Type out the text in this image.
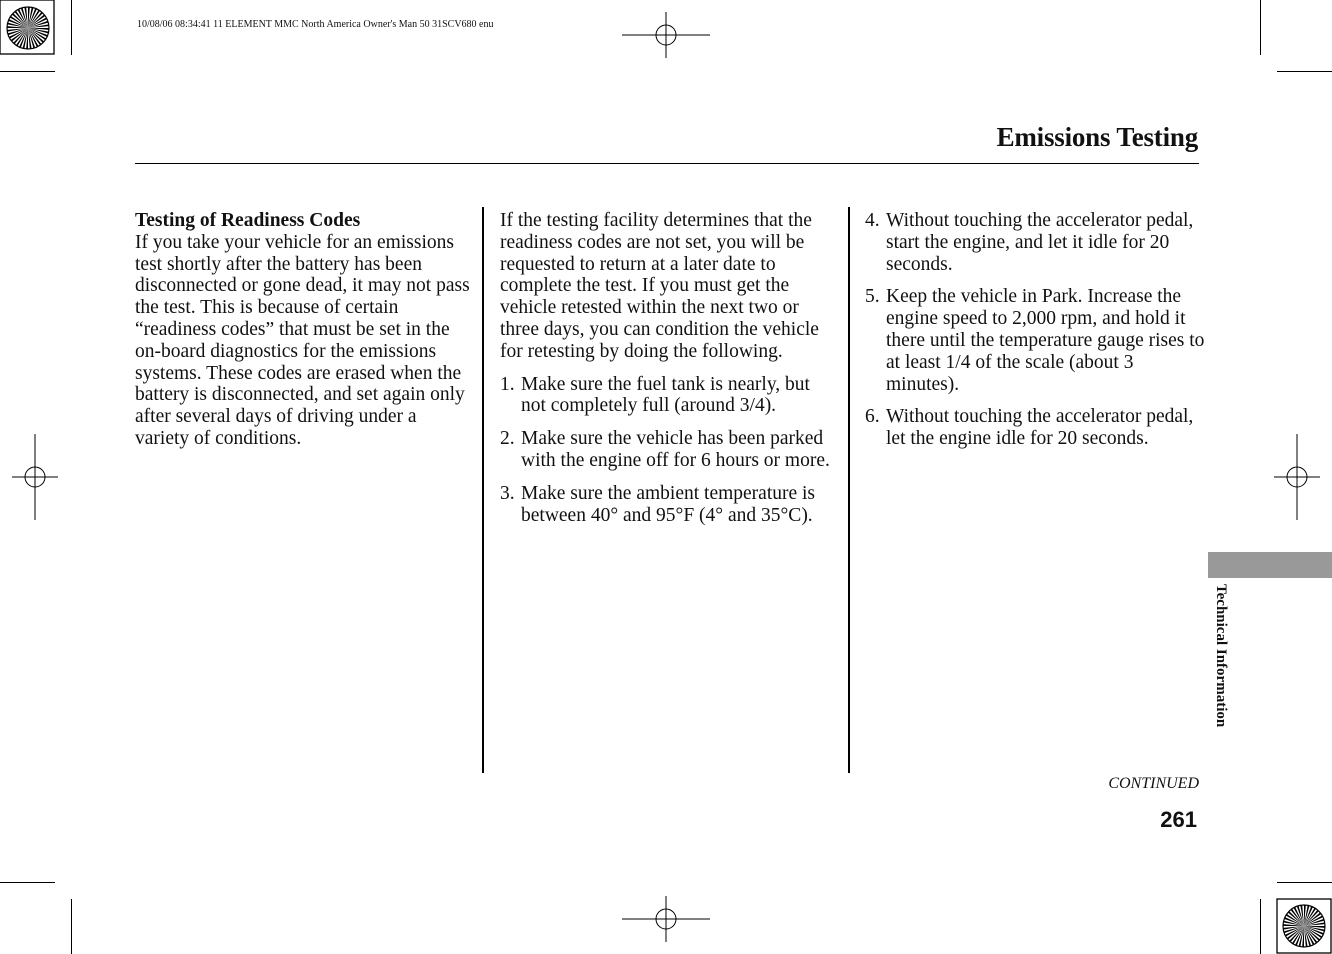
10/08/06 08:34:41 11 ELEMENT MMC North America Owner's Man 50 31SCV680 enu
Emissions Testing

Testing of Readiness Codes

If you take your vehicle for an emissions test shortly after the battery has been disconnected or gone dead, it may not pass the test. This is because of certain “readiness codes” that must be set in the on-board diagnostics for the emissions systems. These codes are erased when the battery is disconnected, and set again only after several days of driving under a variety of conditions.

If the testing facility determines that the readiness codes are not set, you will be requested to return at a later date to complete the test. If you must get the vehicle retested within the next two or three days, you can condition the vehicle for retesting by doing the following.

1. Make sure the fuel tank is nearly, but not completely full (around 3/4).
2. Make sure the vehicle has been parked with the engine off for 6 hours or more.
3. Make sure the ambient temperature is between 40° and 95°F (4° and 35°C).
4. Without touching the accelerator pedal, start the engine, and let it idle for 20 seconds.
5. Keep the vehicle in Park. Increase the engine speed to 2,000 rpm, and hold it there until the temperature gauge rises to at least 1/4 of the scale (about 3 minutes).
6. Without touching the accelerator pedal, let the engine idle for 20 seconds.
Technical Information
CONTINUED
261
